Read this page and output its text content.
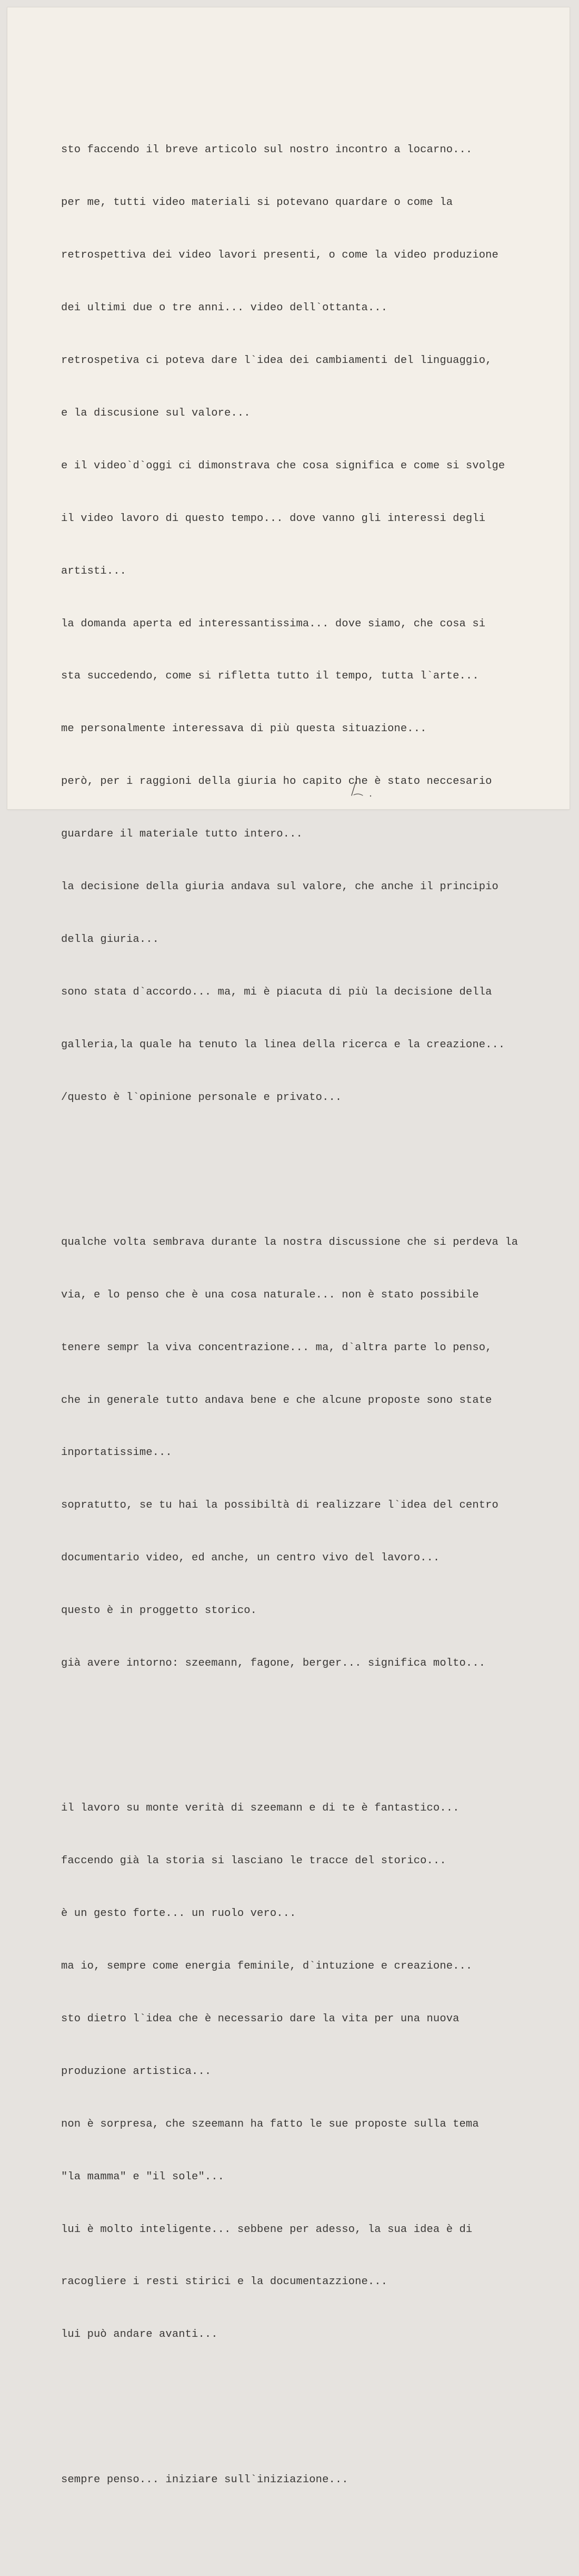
sto faccendo il breve articolo sul nostro incontro a locarno...

per me, tutti video materiali si potevano quardare o come la

retrospettiva dei video lavori presenti, o come la video produzione

dei ultimi due o tre anni... video dell`ottanta...

retrospetiva ci poteva dare l`idea dei cambiamenti del linguaggio,

e la discusione sul valore...

e il video`d`oggi ci dimonstrava che cosa significa e come si svolge

il video lavoro di questo tempo... dove vanno gli interessi degli

artisti...

la domanda aperta ed interessantissima... dove siamo, che cosa si

sta succedendo, come si rifletta tutto il tempo, tutta l`arte...

me personalmente interessava di più questa situazione...

però, per i raggioni della giuria ho capito che è stato neccesario

guardare il materiale tutto intero...

la decisione della giuria andava sul valore, che anche il principio

della giuria...

sono stata d`accordo... ma, mi è piacuta di più la decisione della

galleria,la quale ha tenuto la linea della ricerca e la creazione...

/questo è l`opinione personale e privato...

qualche volta sembrava durante la nostra discussione che si perdeva la

via, e lo penso che è una cosa naturale... non è stato possibile

tenere sempr la viva concentrazione... ma, d`altra parte lo penso,

che in generale tutto andava bene e che alcune proposte sono state

inportatissime...

sopratutto, se tu hai la possibiltà di realizzare l`idea del centro

documentario video, ed anche, un centro vivo del lavoro...

questo è in proggetto storico.

già avere intorno: szeemann, fagone, berger... significa molto...

il lavoro su monte verità di szeemann e di te è fantastico...

faccendo già la storia si lasciano le tracce del storico...

è un gesto forte... un ruolo vero...

ma io, sempre come energia feminile, d`intuzione e creazione...

sto dietro l`idea che è necessario dare la vita per una nuova

produzione artistica...

non è sorpresa, che szeemann ha fatto le sue proposte sulla tema

"la mamma" e "il sole"...

lui è molto inteligente... sebbene per adesso, la sua idea è di

racogliere i resti stirici e la documentazzione...

lui può andare avanti...

sempre penso... iniziare sull`iniziazione...
